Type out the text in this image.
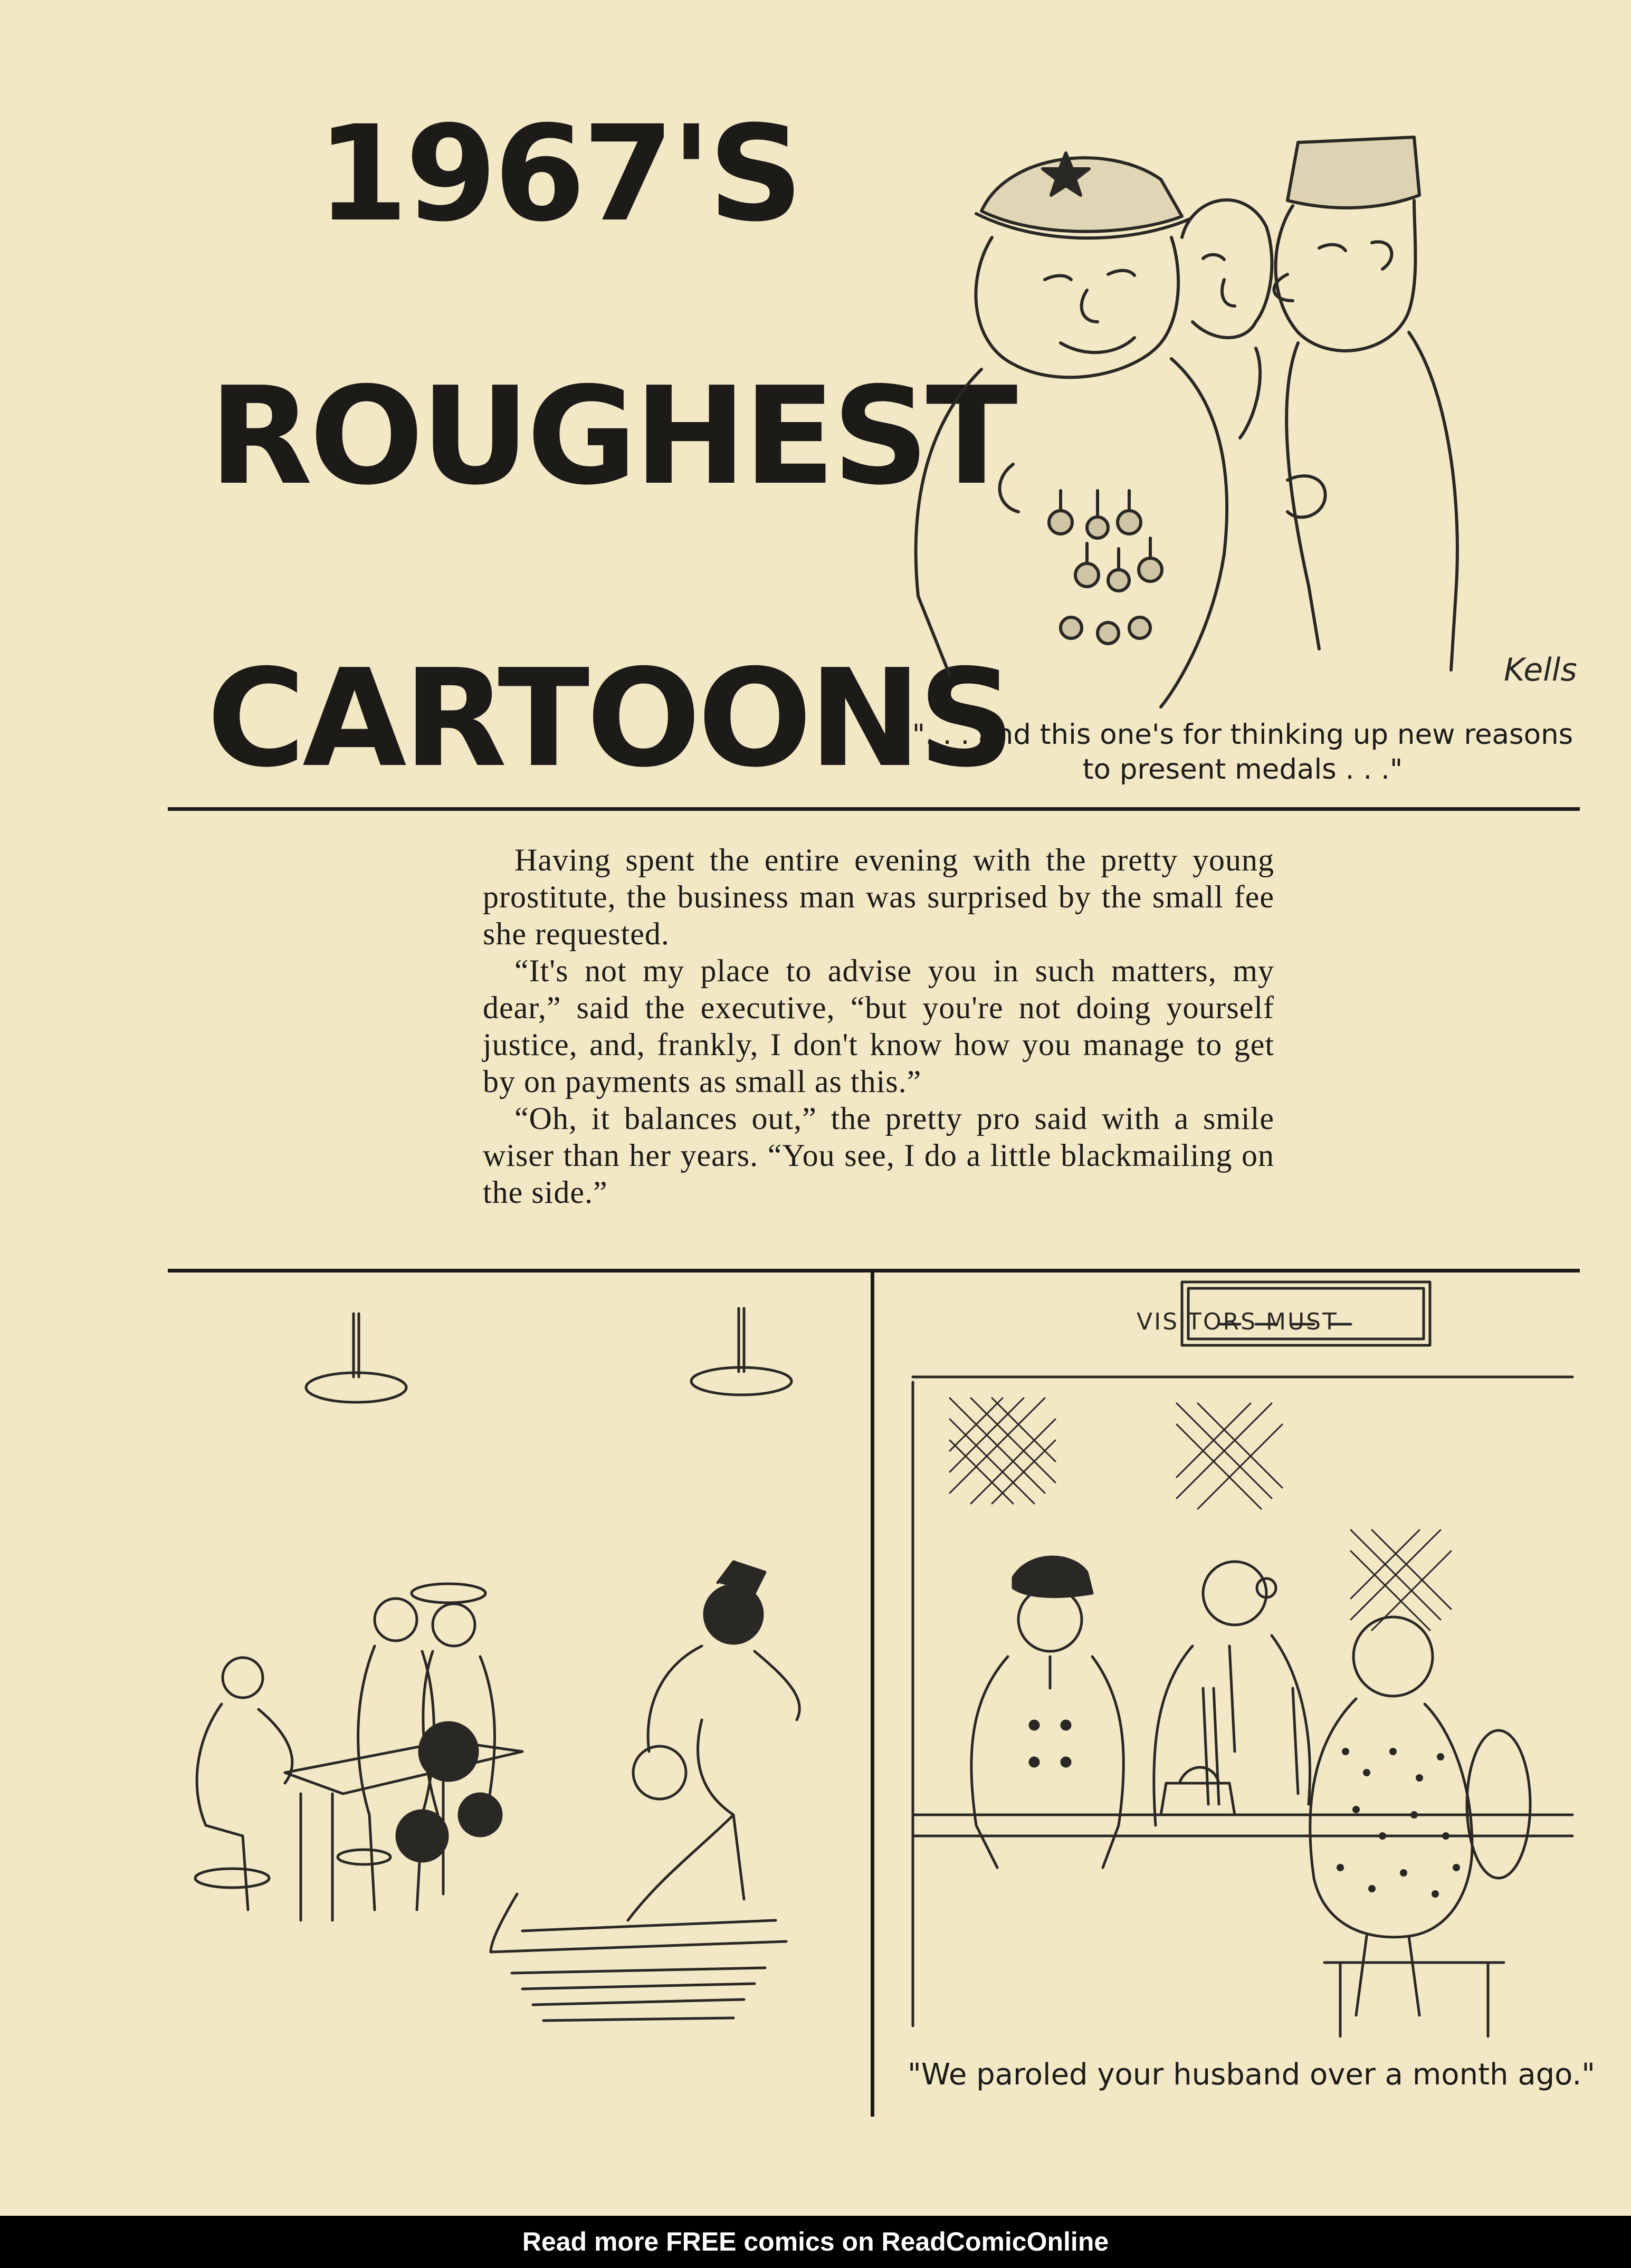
1967'S
ROUGHEST
CARTOONS	Kells
". . . and this one's for thinking up new reasons
to present medals . . ."

Having spent the entire evening with the pretty young prostitute, the business man was surprised by the small fee she requested.

“It's not my place to advise you in such matters, my dear,” said the executive, “but you're not doing yourself justice, and, frankly, I don't know how you manage to get by on payments as small as this.”

“Oh, it balances out,” the pretty pro said with a smile wiser than her years. “You see, I do a little blackmailing on the side.”

VISITORS MUST
"We paroled your husband over a month ago."
Read more FREE comics on ReadComicOnline
